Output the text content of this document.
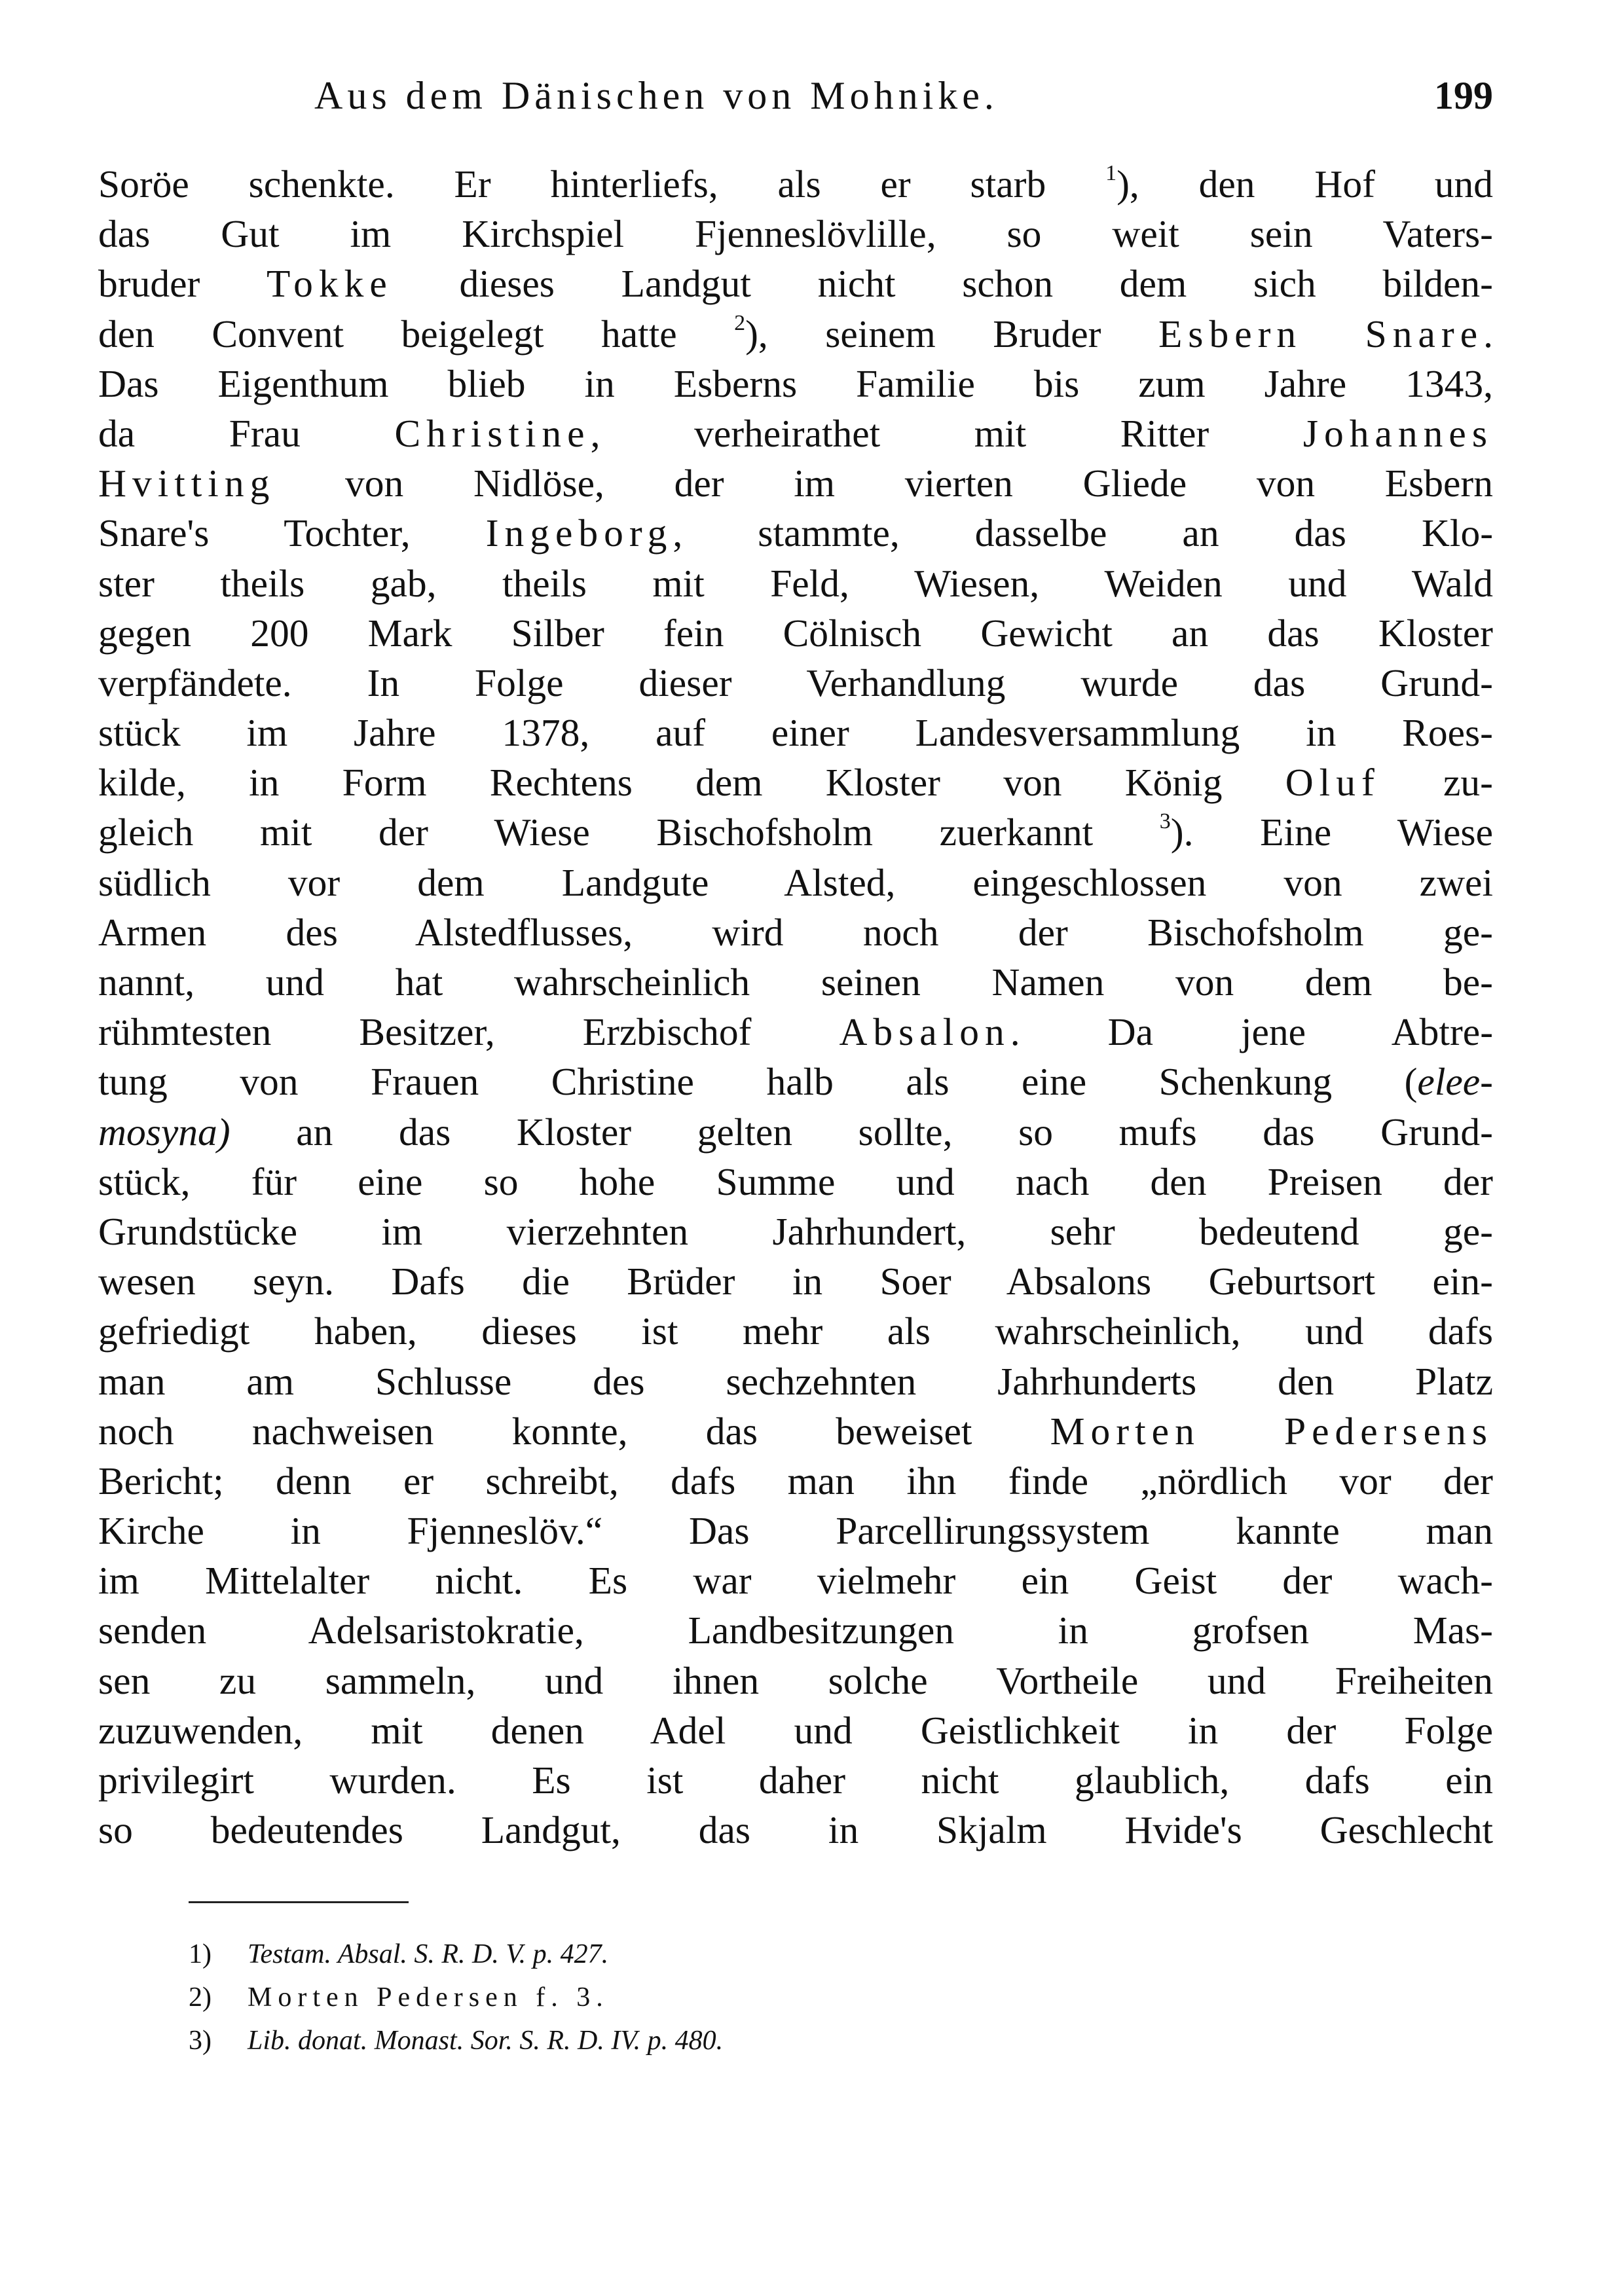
Aus dem Dänischen von Mohnike.	199
Soröe schenkte. Er hinterliefs, als er starb $^1$), den Hof und
das Gut im Kirchspiel Fjenneslövlille, so weit sein Vaters-
bruder Tokke dieses Landgut nicht schon dem sich bilden-
den Convent beigelegt hatte $^2$), seinem Bruder Esbern Snare.
Das Eigenthum blieb in Esberns Familie bis zum Jahre 1343,
da Frau Christine, verheirathet mit Ritter Johannes
Hvitting von Nidlöse, der im vierten Gliede von Esbern
Snare's Tochter, Ingeborg, stammte, dasselbe an das Klo-
ster theils gab, theils mit Feld, Wiesen, Weiden und Wald
gegen 200 Mark Silber fein Cölnisch Gewicht an das Kloster
verpfändete. In Folge dieser Verhandlung wurde das Grund-
stück im Jahre 1378, auf einer Landesversammlung in Roes-
kilde, in Form Rechtens dem Kloster von König Oluf zu-
gleich mit der Wiese Bischofsholm zuerkannt $^3$). Eine Wiese
südlich vor dem Landgute Alsted, eingeschlossen von zwei
Armen des Alstedflusses, wird noch der Bischofsholm ge-
nannt, und hat wahrscheinlich seinen Namen von dem be-
rühmtesten Besitzer, Erzbischof Absalon. Da jene Abtre-
tung von Frauen Christine halb als eine Schenkung (elee-
mosyna) an das Kloster gelten sollte, so mufs das Grund-
stück, für eine so hohe Summe und nach den Preisen der
Grundstücke im vierzehnten Jahrhundert, sehr bedeutend ge-
wesen seyn. Dafs die Brüder in Soer Absalons Geburtsort ein-
gefriedigt haben, dieses ist mehr als wahrscheinlich, und dafs
man am Schlusse des sechzehnten Jahrhunderts den Platz
noch nachweisen konnte, das beweiset Morten Pedersens
Bericht; denn er schreibt, dafs man ihn finde „nördlich vor der
Kirche in Fjenneslöv.“ Das Parcellirungssystem kannte man
im Mittelalter nicht. Es war vielmehr ein Geist der wach-
senden Adelsaristokratie, Landbesitzungen in grofsen Mas-
sen zu sammeln, und ihnen solche Vortheile und Freiheiten
zuzuwenden, mit denen Adel und Geistlichkeit in der Folge
privilegirt wurden. Es ist daher nicht glaublich, dafs ein
so bedeutendes Landgut, das in Skjalm Hvide's Geschlecht
1) Testam. Absal. S. R. D. V. p. 427.
2) Morten Pedersen f. 3.
3) Lib. donat. Monast. Sor. S. R. D. IV. p. 480.
